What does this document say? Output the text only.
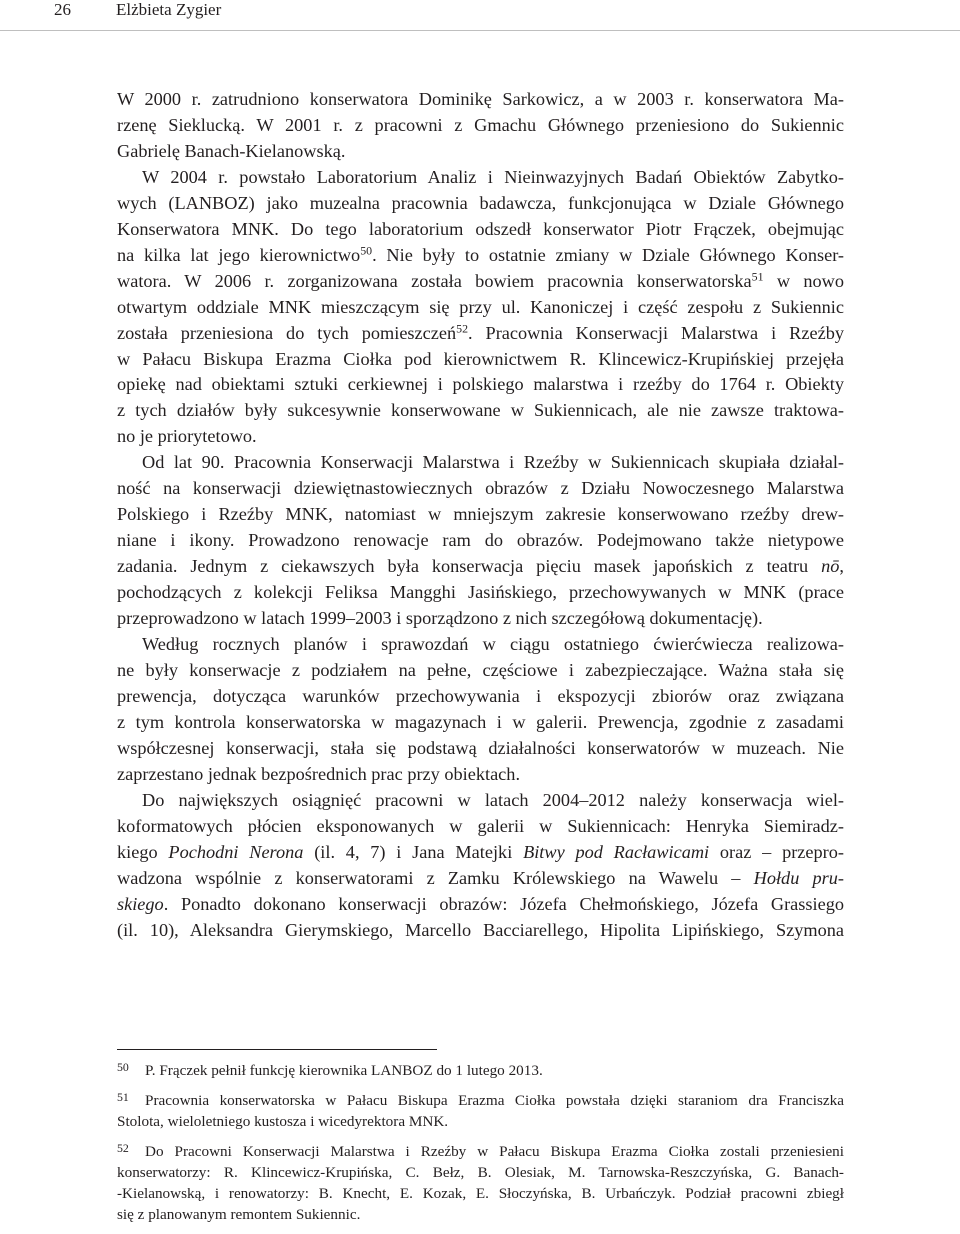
26	Elżbieta Zygier
W 2000 r. zatrudniono konserwatora Dominikę Sarkowicz, a w 2003 r. konserwatora Ma-
rzenę Sieklucką. W 2001 r. z pracowni z Gmachu Głównego przeniesiono do Sukiennic
Gabrielę Banach-Kielanowską.
W 2004 r. powstało Laboratorium Analiz i Nieinwazyjnych Badań Obiektów Zabytko-
wych (LANBOZ) jako muzealna pracownia badawcza, funkcjonująca w Dziale Głównego
Konserwatora MNK. Do tego laboratorium odszedł konserwator Piotr Frączek, obejmując
na kilka lat jego kierownictwo$^{50}$. Nie były to ostatnie zmiany w Dziale Głównego Konser-
watora. W 2006 r. zorganizowana została bowiem pracownia konserwatorska$^{51}$ w nowo
otwartym oddziale MNK mieszczącym się przy ul. Kanoniczej i część zespołu z Sukiennic
została przeniesiona do tych pomieszczeń$^{52}$. Pracownia Konserwacji Malarstwa i Rzeźby
w Pałacu Biskupa Erazma Ciołka pod kierownictwem R. Klincewicz-Krupińskiej przejęła
opiekę nad obiektami sztuki cerkiewnej i polskiego malarstwa i rzeźby do 1764 r. Obiekty
z tych działów były sukcesywnie konserwowane w Sukiennicach, ale nie zawsze traktowa-
no je priorytetowo.
Od lat 90. Pracownia Konserwacji Malarstwa i Rzeźby w Sukiennicach skupiała działal-
ność na konserwacji dziewiętnastowiecznych obrazów z Działu Nowoczesnego Malarstwa
Polskiego i Rzeźby MNK, natomiast w mniejszym zakresie konserwowano rzeźby drew-
niane i ikony. Prowadzono renowacje ram do obrazów. Podejmowano także nietypowe
zadania. Jednym z ciekawszych była konserwacja pięciu masek japońskich z teatru nō,
pochodzących z kolekcji Feliksa Mangghi Jasińskiego, przechowywanych w MNK (prace
przeprowadzono w latach 1999–2003 i sporządzono z nich szczegółową dokumentację).
Według rocznych planów i sprawozdań w ciągu ostatniego ćwierćwiecza realizowa-
ne były konserwacje z podziałem na pełne, częściowe i zabezpieczające. Ważna stała się
prewencja, dotycząca warunków przechowywania i ekspozycji zbiorów oraz związana
z tym kontrola konserwatorska w magazynach i w galerii. Prewencja, zgodnie z zasadami
współczesnej konserwacji, stała się podstawą działalności konserwatorów w muzeach. Nie
zaprzestano jednak bezpośrednich prac przy obiektach.
Do największych osiągnięć pracowni w latach 2004–2012 należy konserwacja wiel-
koformatowych płócien eksponowanych w galerii w Sukiennicach: Henryka Siemiradz-
kiego Pochodni Nerona (il. 4, 7) i Jana Matejki Bitwy pod Racławicami oraz – przepro-
wadzona wspólnie z konserwatorami z Zamku Królewskiego na Wawelu – Hołdu pru-
skiego. Ponadto dokonano konserwacji obrazów: Józefa Chełmońskiego, Józefa Grassiego
(il. 10), Aleksandra Gierymskiego, Marcello Bacciarellego, Hipolita Lipińskiego, Szymona
50 P. Frączek pełnił funkcję kierownika LANBOZ do 1 lutego 2013.
51 Pracownia konserwatorska w Pałacu Biskupa Erazma Ciołka powstała dzięki staraniom dra Franciszka
Stolota, wieloletniego kustosza i wicedyrektora MNK.
52 Do Pracowni Konserwacji Malarstwa i Rzeźby w Pałacu Biskupa Erazma Ciołka zostali przeniesieni
konserwatorzy: R. Klincewicz-Krupińska, C. Bełz, B. Olesiak, M. Tarnowska-Reszczyńska, G. Banach-
-Kielanowską, i renowatorzy: B. Knecht, E. Kozak, E. Słoczyńska, B. Urbańczyk. Podział pracowni zbiegł
się z planowanym remontem Sukiennic.
